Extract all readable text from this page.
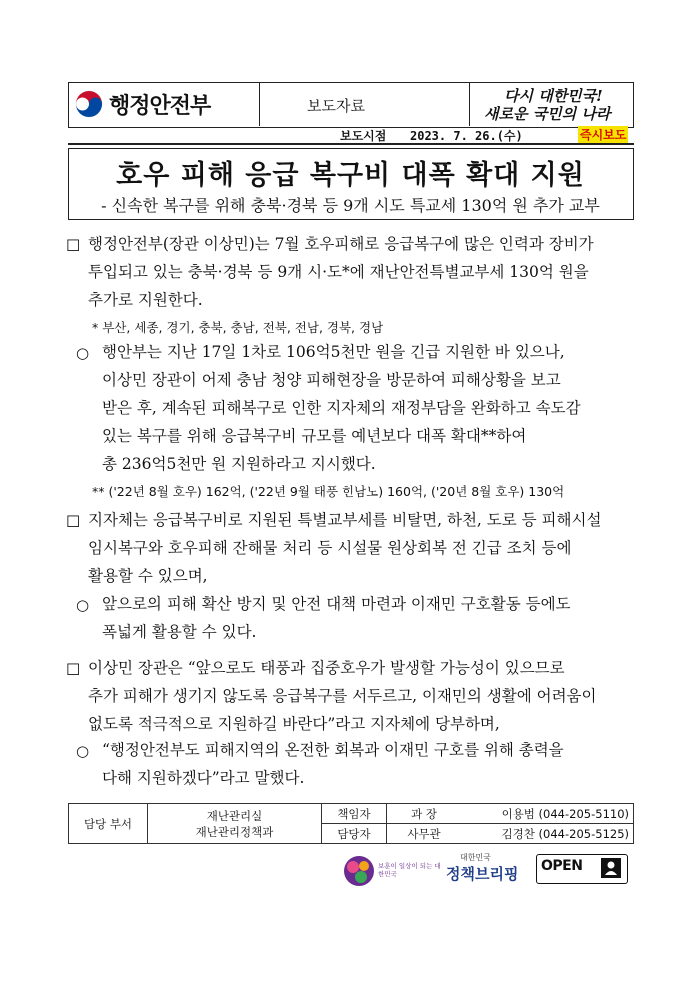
행정안전부	보도자료
다시 대한민국!
새로운 국민의 나라
보도시점 2023. 7. 26.(수)	즉시보도
호우 피해 응급 복구비 대폭 확대 지원
- 신속한 복구를 위해 충북·경북 등 9개 시도 특교세 130억 원 추가 교부
☐ 행정안전부(장관 이상민)는 7월 호우피해로 응급복구에 많은 인력과 장비가
투입되고 있는 충북·경북 등 9개 시·도*에 재난안전특별교부세 130억 원을
추가로 지원한다.
* 부산, 세종, 경기, 충북, 충남, 전북, 전남, 경북, 경남
○ 행안부는 지난 17일 1차로 106억5천만 원을 긴급 지원한 바 있으나,
이상민 장관이 어제 충남 청양 피해현장을 방문하여 피해상황을 보고
받은 후, 계속된 피해복구로 인한 지자체의 재정부담을 완화하고 속도감
있는 복구를 위해 응급복구비 규모를 예년보다 대폭 확대**하여
총 236억5천만 원 지원하라고 지시했다.
** ('22년 8월 호우) 162억, ('22년 9월 태풍 힌남노) 160억, ('20년 8월 호우) 130억
☐ 지자체는 응급복구비로 지원된 특별교부세를 비탈면, 하천, 도로 등 피해시설
임시복구와 호우피해 잔해물 처리 등 시설물 원상회복 전 긴급 조치 등에
활용할 수 있으며,
○ 앞으로의 피해 확산 방지 및 안전 대책 마련과 이재민 구호활동 등에도
폭넓게 활용할 수 있다.
☐ 이상민 장관은 “앞으로도 태풍과 집중호우가 발생할 가능성이 있으므로
추가 피해가 생기지 않도록 응급복구를 서두르고, 이재민의 생활에 어려움이
없도록 적극적으로 지원하길 바란다”라고 지자체에 당부하며,
○ “행정안전부도 피해지역의 온전한 회복과 이재민 구호를 위해 총력을
다해 지원하겠다”라고 말했다.
담당 부서	재난관리실
재난관리정책과	책임자	과 장	이용범 (044-205-5110)
		담당자	사무관	김경찬 (044-205-5125)
보훈이 일상이 되는 대한민국
대한민국
정책브리핑 OPEN
